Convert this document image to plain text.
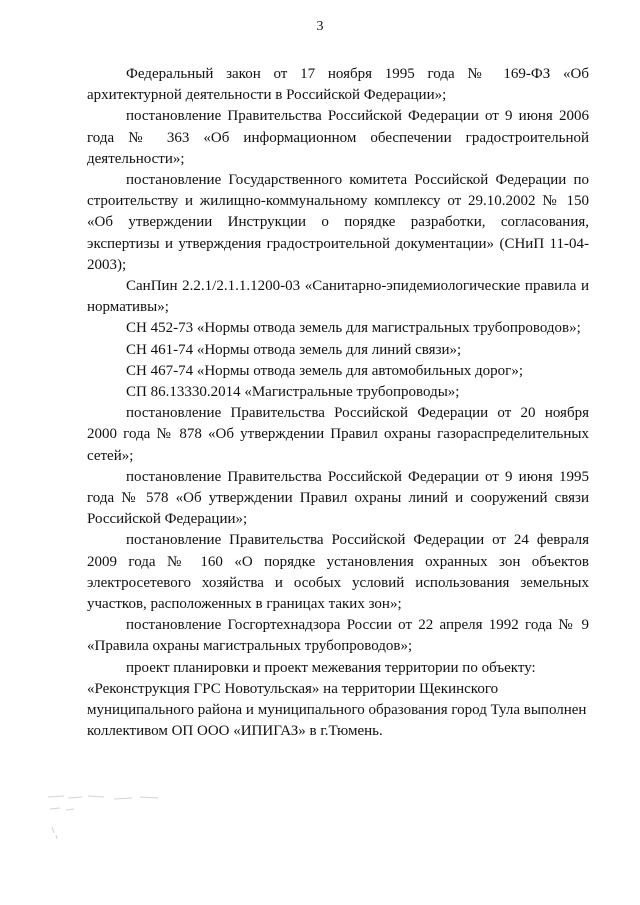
3

Федеральный закон от 17 ноября 1995 года № 169-ФЗ «Об архитектурной деятельности в Российской Федерации»;

постановление Правительства Российской Федерации от 9 июня 2006 года № 363 «Об информационном обеспечении градостроительной деятельности»;

постановление Государственного комитета Российской Федерации по строительству и жилищно-коммунальному комплексу от 29.10.2002 № 150 «Об утверждении Инструкции о порядке разработки, согласования, экспертизы и утверждения градостроительной документации» (СНиП 11-04-2003);

СанПин 2.2.1/2.1.1.1200-03 «Санитарно-эпидемиологические правила и нормативы»;

СН 452-73 «Нормы отвода земель для магистральных трубопроводов»;

СН 461-74 «Нормы отвода земель для линий связи»;

СН 467-74 «Нормы отвода земель для автомобильных дорог»;

СП 86.13330.2014 «Магистральные трубопроводы»;

постановление Правительства Российской Федерации от 20 ноября 2000 года № 878 «Об утверждении Правил охраны газораспределительных сетей»;

постановление Правительства Российской Федерации от 9 июня 1995 года № 578 «Об утверждении Правил охраны линий и сооружений связи Российской Федерации»;

постановление Правительства Российской Федерации от 24 февраля 2009 года № 160 «О порядке установления охранных зон объектов электросетевого хозяйства и особых условий использования земельных участков, расположенных в границах таких зон»;

постановление Госгортехнадзора России от 22 апреля 1992 года № 9 «Правила охраны магистральных трубопроводов»;

проект планировки и проект межевания территории по объекту: «Реконструкция ГРС Новотульская» на территории Щекинского муниципального района и муниципального образования город Тула выполнен коллективом ОП ООО «ИПИГАЗ» в г.Тюмень.
